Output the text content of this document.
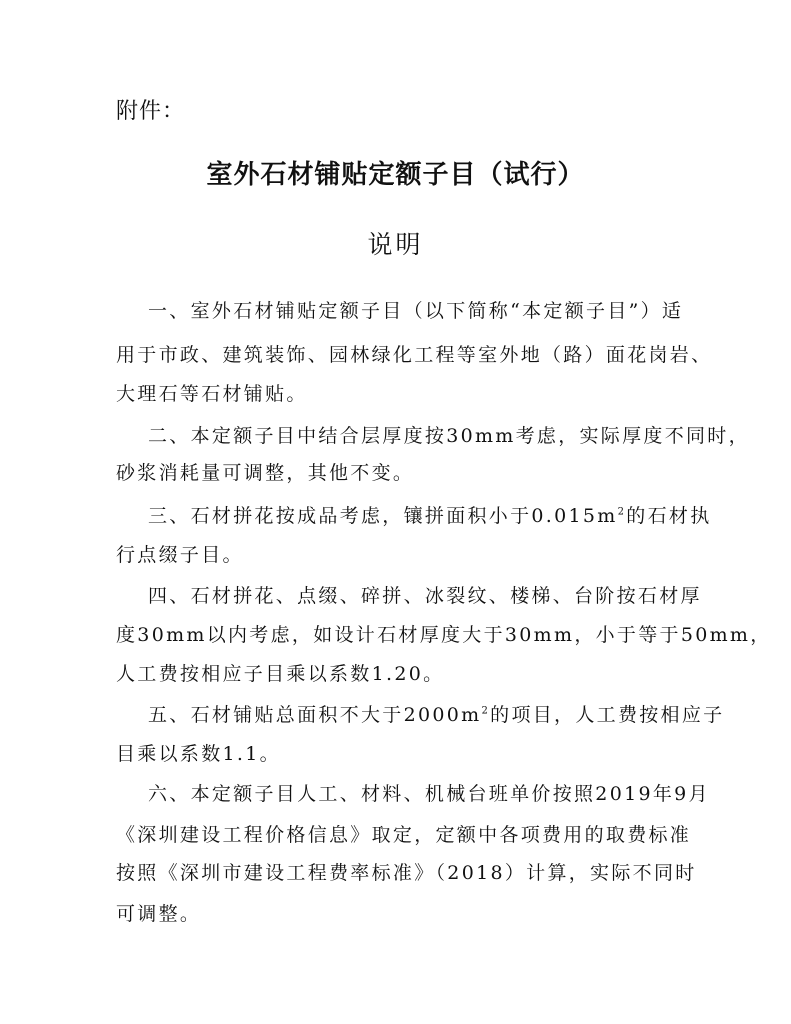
附件：
室外石材铺贴定额子目（试行）
说明
一、室外石材铺贴定额子目（以下简称“本定额子目”）适
用于市政、建筑装饰、园林绿化工程等室外地（路）面花岗岩、
大理石等石材铺贴。
二、本定额子目中结合层厚度按30mm考虑，实际厚度不同时，
砂浆消耗量可调整，其他不变。
三、石材拼花按成品考虑，镶拼面积小于$0.015m^2$的石材执
行点缀子目。
四、石材拼花、点缀、碎拼、冰裂纹、楼梯、台阶按石材厚
度30mm以内考虑，如设计石材厚度大于30mm，小于等于50mm，
人工费按相应子目乘以系数1.20。
五、石材铺贴总面积不大于$2000m^2$的项目，人工费按相应子
目乘以系数1.1。
六、本定额子目人工、材料、机械台班单价按照2019年9月
《深圳建设工程价格信息》取定，定额中各项费用的取费标准
按照《深圳市建设工程费率标准》（2018）计算，实际不同时
可调整。
